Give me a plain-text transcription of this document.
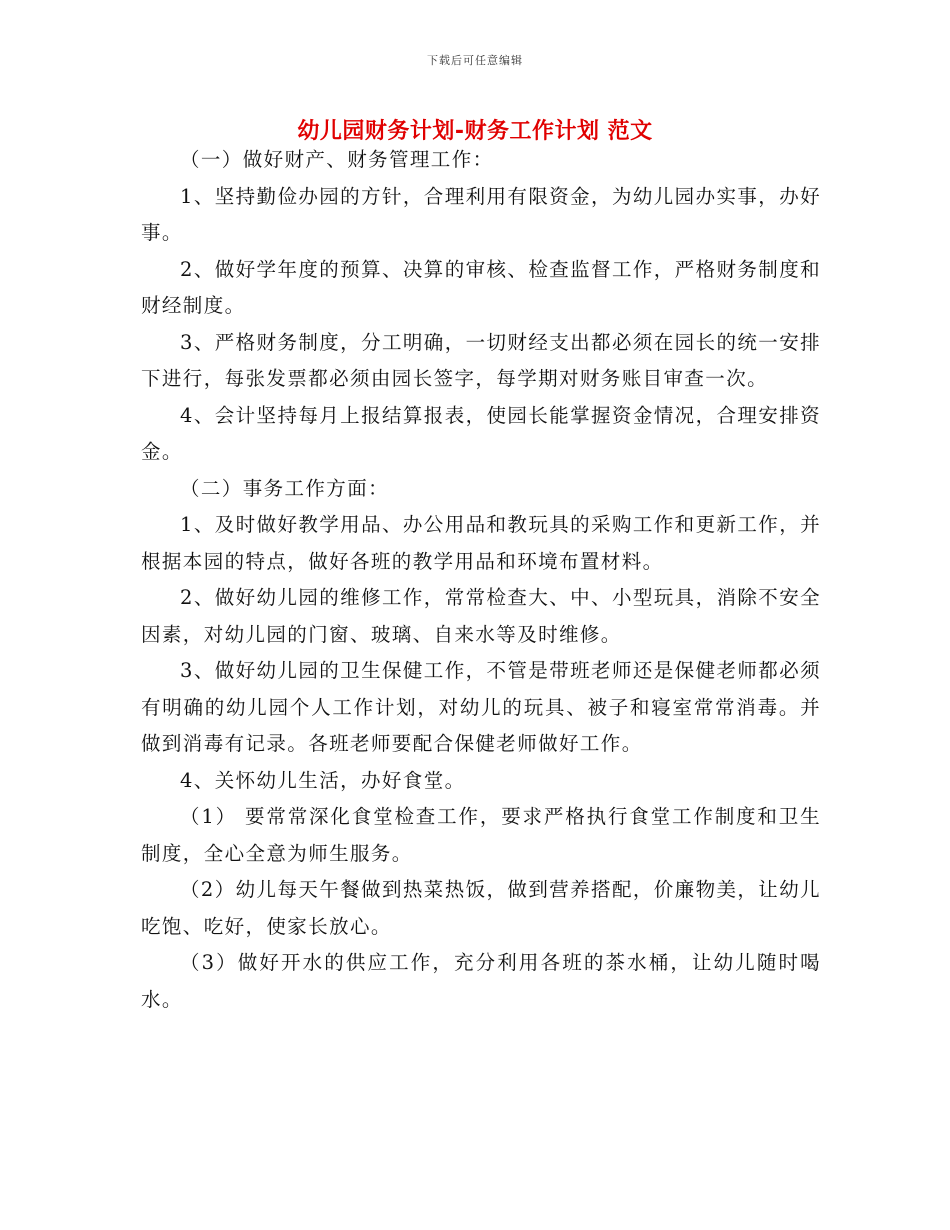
下载后可任意编辑
幼儿园财务计划-财务工作计划 范文

（一）做好财产、财务管理工作：

1、坚持勤俭办园的方针，合理利用有限资金，为幼儿园办实事，办好事。

2、做好学年度的预算、决算的审核、检查监督工作，严格财务制度和财经制度。

3、严格财务制度，分工明确，一切财经支出都必须在园长的统一安排下进行，每张发票都必须由园长签字，每学期对财务账目审查一次。

4、会计坚持每月上报结算报表，使园长能掌握资金情况，合理安排资金。

（二）事务工作方面：

1、及时做好教学用品、办公用品和教玩具的采购工作和更新工作，并根据本园的特点，做好各班的教学用品和环境布置材料。

2、做好幼儿园的维修工作，常常检查大、中、小型玩具，消除不安全因素，对幼儿园的门窗、玻璃、自来水等及时维修。

3、做好幼儿园的卫生保健工作，不管是带班老师还是保健老师都必须有明确的幼儿园个人工作计划，对幼儿的玩具、被子和寝室常常消毒。并做到消毒有记录。各班老师要配合保健老师做好工作。

4、关怀幼儿生活，办好食堂。

（1） 要常常深化食堂检查工作，要求严格执行食堂工作制度和卫生制度，全心全意为师生服务。

（2）幼儿每天午餐做到热菜热饭，做到营养搭配，价廉物美，让幼儿吃饱、吃好，使家长放心。

（3）做好开水的供应工作，充分利用各班的茶水桶，让幼儿随时喝水。
